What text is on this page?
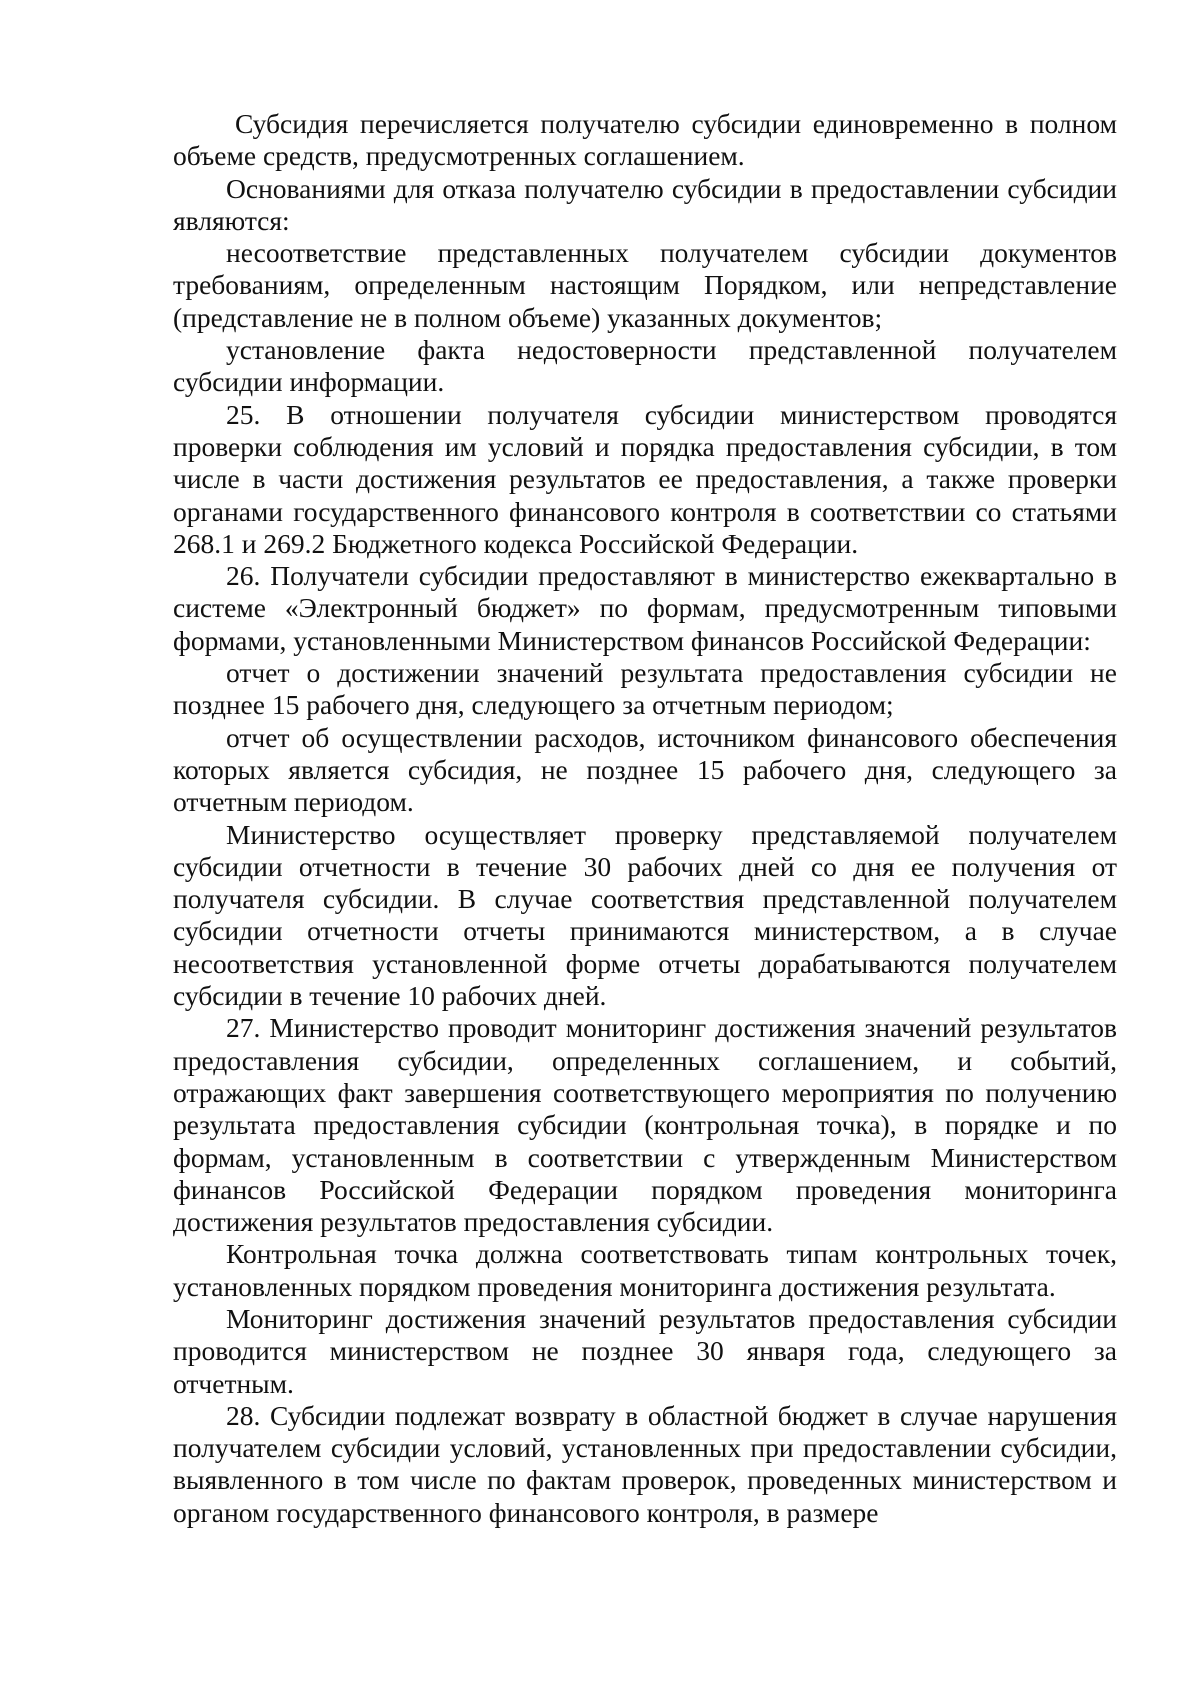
Субсидия перечисляется получателю субсидии единовременно в полном объеме средств, предусмотренных соглашением.

Основаниями для отказа получателю субсидии в предоставлении субсидии являются:

несоответствие представленных получателем субсидии документов требованиям, определенным настоящим Порядком, или непредставление (представление не в полном объеме) указанных документов;

установление факта недостоверности представленной получателем субсидии информации.

25. В отношении получателя субсидии министерством проводятся проверки соблюдения им условий и порядка предоставления субсидии, в том числе в части достижения результатов ее предоставления, а также проверки органами государственного финансового контроля в соответствии со статьями 268.1 и 269.2 Бюджетного кодекса Российской Федерации.

26. Получатели субсидии предоставляют в министерство ежеквартально в системе «Электронный бюджет» по формам, предусмотренным типовыми формами, установленными Министерством финансов Российской Федерации:

отчет о достижении значений результата предоставления субсидии не позднее 15 рабочего дня, следующего за отчетным периодом;

отчет об осуществлении расходов, источником финансового обеспечения которых является субсидия, не позднее 15 рабочего дня, следующего за отчетным периодом.

Министерство осуществляет проверку представляемой получателем субсидии отчетности в течение 30 рабочих дней со дня ее получения от получателя субсидии. В случае соответствия представленной получателем субсидии отчетности отчеты принимаются министерством, а в случае несоответствия установленной форме отчеты дорабатываются получателем субсидии в течение 10 рабочих дней.

27. Министерство проводит мониторинг достижения значений результатов предоставления субсидии, определенных соглашением, и событий, отражающих факт завершения соответствующего мероприятия по получению результата предоставления субсидии (контрольная точка), в порядке и по формам, установленным в соответствии с утвержденным Министерством финансов Российской Федерации порядком проведения мониторинга достижения результатов предоставления субсидии.

Контрольная точка должна соответствовать типам контрольных точек, установленных порядком проведения мониторинга достижения результата.

Мониторинг достижения значений результатов предоставления субсидии проводится министерством не позднее 30 января года, следующего за отчетным.

28. Субсидии подлежат возврату в областной бюджет в случае нарушения получателем субсидии условий, установленных при предоставлении субсидии, выявленного в том числе по фактам проверок, проведенных министерством и органом государственного финансового контроля, в размере
